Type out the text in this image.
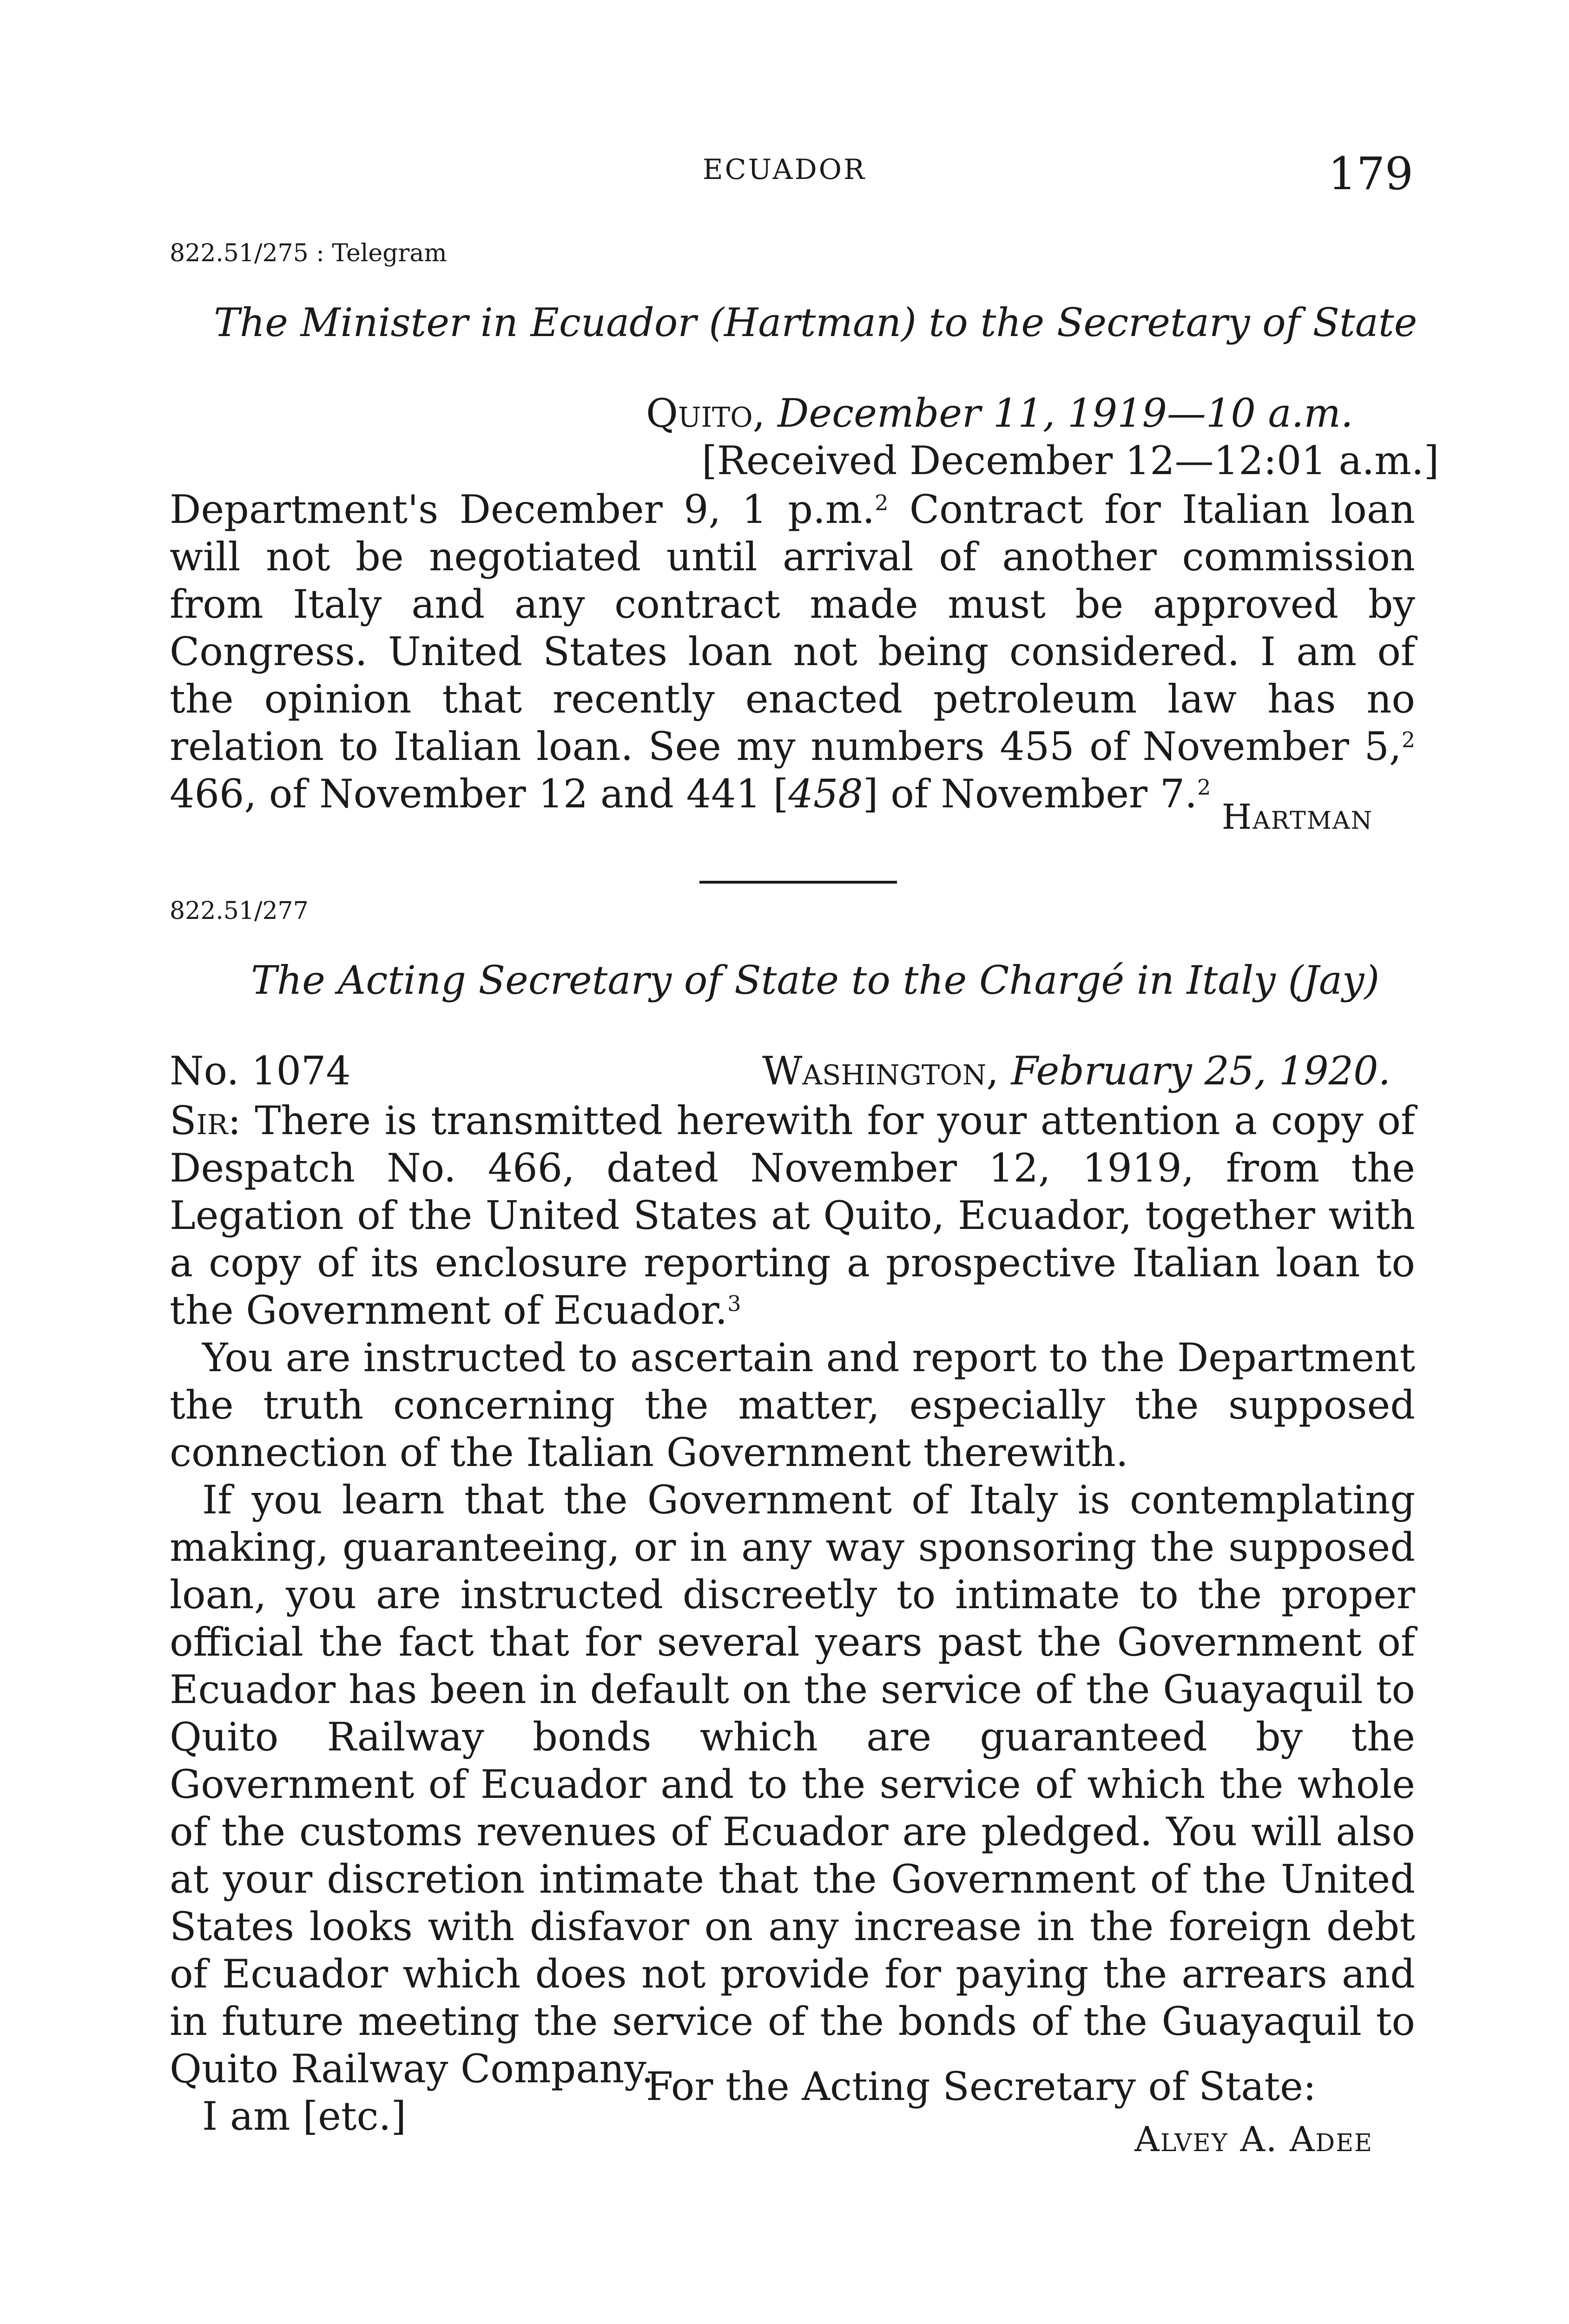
ECUADOR	179
822.51/275 : Telegram
The Minister in Ecuador (Hartman) to the Secretary of State
Quito, December 11, 1919—10 a.m.
[Received December 12—12:01 a.m.]

Department's December 9, 1 p.m.$^2$ Contract for Italian loan will not be negotiated until arrival of another commission from Italy and any contract made must be approved by Congress. United States loan not being considered. I am of the opinion that recently enacted petroleum law has no relation to Italian loan. See my numbers 455 of November 5,$^2$ 466, of November 12 and 441 [458] of November 7.$^2$

Hartman
822.51/277
The Acting Secretary of State to the Chargé in Italy (Jay)
No. 1074	Washington, February 25, 1920.

Sir: There is transmitted herewith for your attention a copy of Despatch No. 466, dated November 12, 1919, from the Legation of the United States at Quito, Ecuador, together with a copy of its enclosure reporting a prospective Italian loan to the Government of Ecuador.$^3$

You are instructed to ascertain and report to the Department the truth concerning the matter, especially the supposed connection of the Italian Government therewith.

If you learn that the Government of Italy is contemplating making, guaranteeing, or in any way sponsoring the supposed loan, you are instructed discreetly to intimate to the proper official the fact that for several years past the Government of Ecuador has been in default on the service of the Guayaquil to Quito Railway bonds which are guaranteed by the Government of Ecuador and to the service of which the whole of the customs revenues of Ecuador are pledged. You will also at your discretion intimate that the Government of the United States looks with disfavor on any increase in the foreign debt of Ecuador which does not provide for paying the arrears and in future meeting the service of the bonds of the Guayaquil to Quito Railway Company.

I am [etc.]

For the Acting Secretary of State:
Alvey A. Adee
